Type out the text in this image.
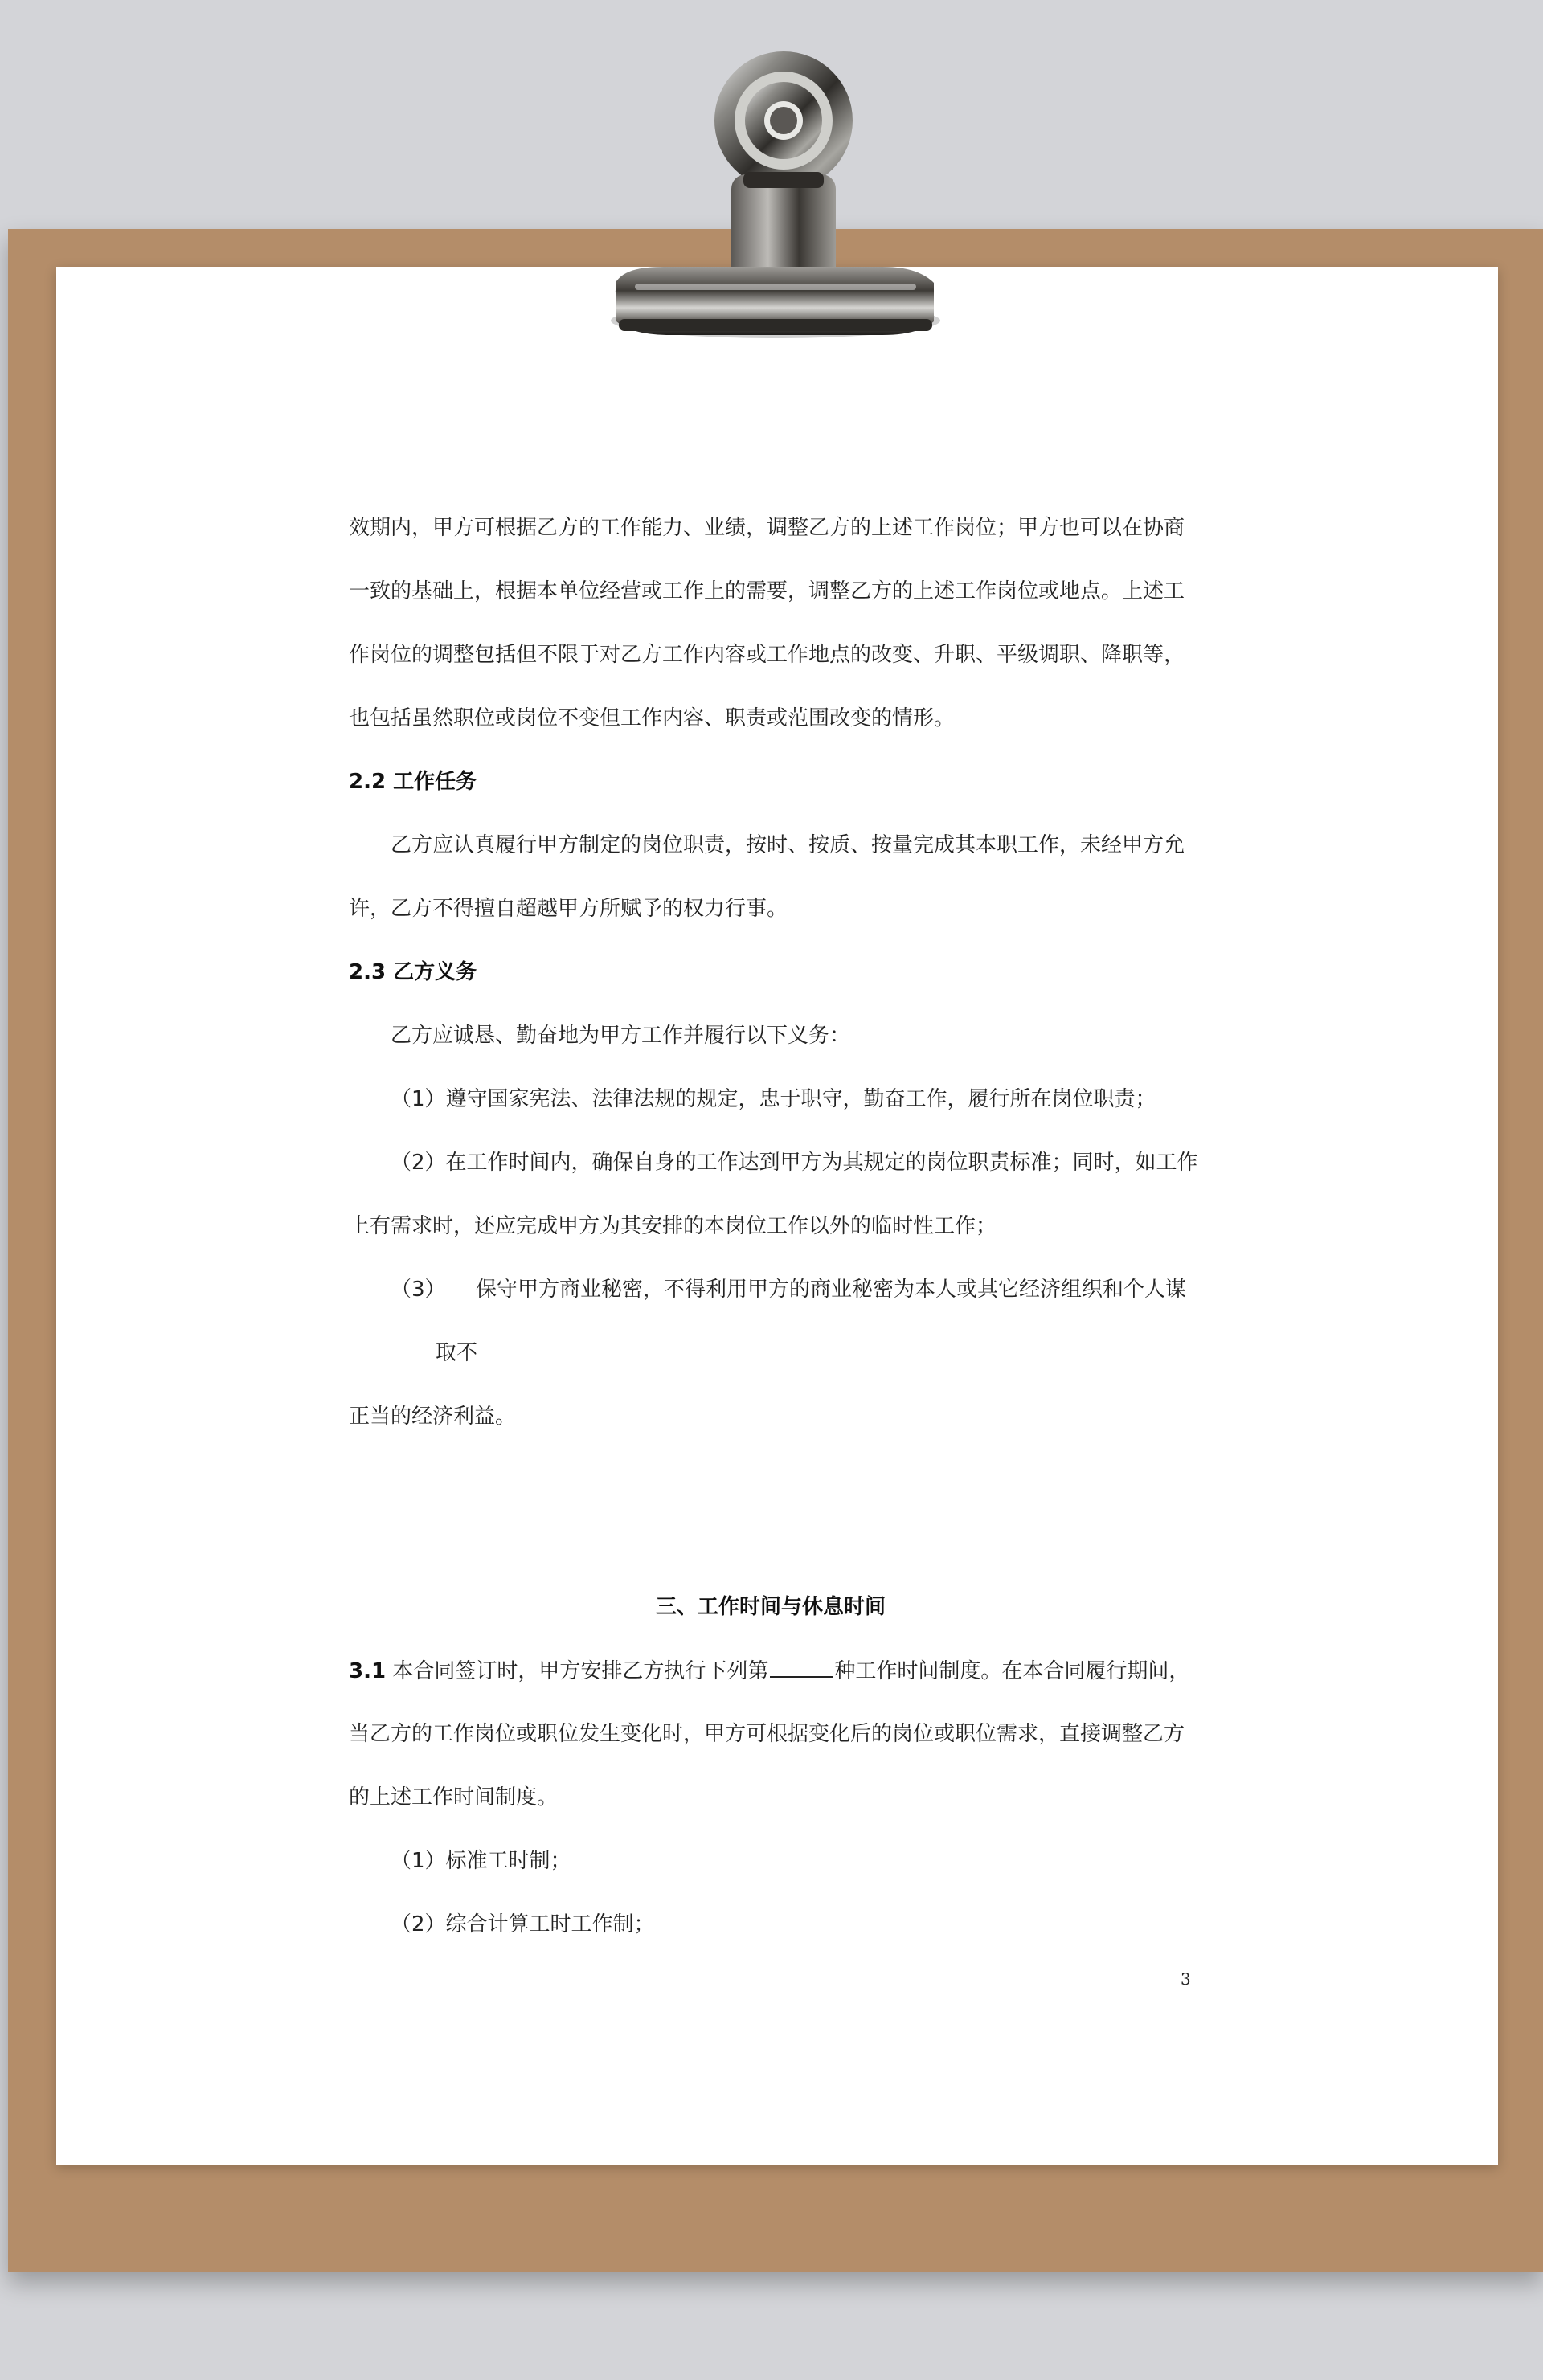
效期内，甲方可根据乙方的工作能力、业绩，调整乙方的上述工作岗位；甲方也可以在协商
一致的基础上，根据本单位经营或工作上的需要，调整乙方的上述工作岗位或地点。上述工
作岗位的调整包括但不限于对乙方工作内容或工作地点的改变、升职、平级调职、降职等，
也包括虽然职位或岗位不变但工作内容、职责或范围改变的情形。
2.2 工作任务
乙方应认真履行甲方制定的岗位职责，按时、按质、按量完成其本职工作，未经甲方允
许，乙方不得擅自超越甲方所赋予的权力行事。
2.3 乙方义务
乙方应诚恳、勤奋地为甲方工作并履行以下义务：
（1）遵守国家宪法、法律法规的规定，忠于职守，勤奋工作，履行所在岗位职责；
（2）在工作时间内，确保自身的工作达到甲方为其规定的岗位职责标准；同时，如工作
上有需求时，还应完成甲方为其安排的本岗位工作以外的临时性工作；
（3） 保守甲方商业秘密，不得利用甲方的商业秘密为本人或其它经济组织和个人谋
取不
正当的经济利益。
三、工作时间与休息时间
3.1 本合同签订时，甲方安排乙方执行下列第	种工作时间制度。在本合同履行期间，
当乙方的工作岗位或职位发生变化时，甲方可根据变化后的岗位或职位需求，直接调整乙方
的上述工作时间制度。
（1）标准工时制；
（2）综合计算工时工作制；
3
